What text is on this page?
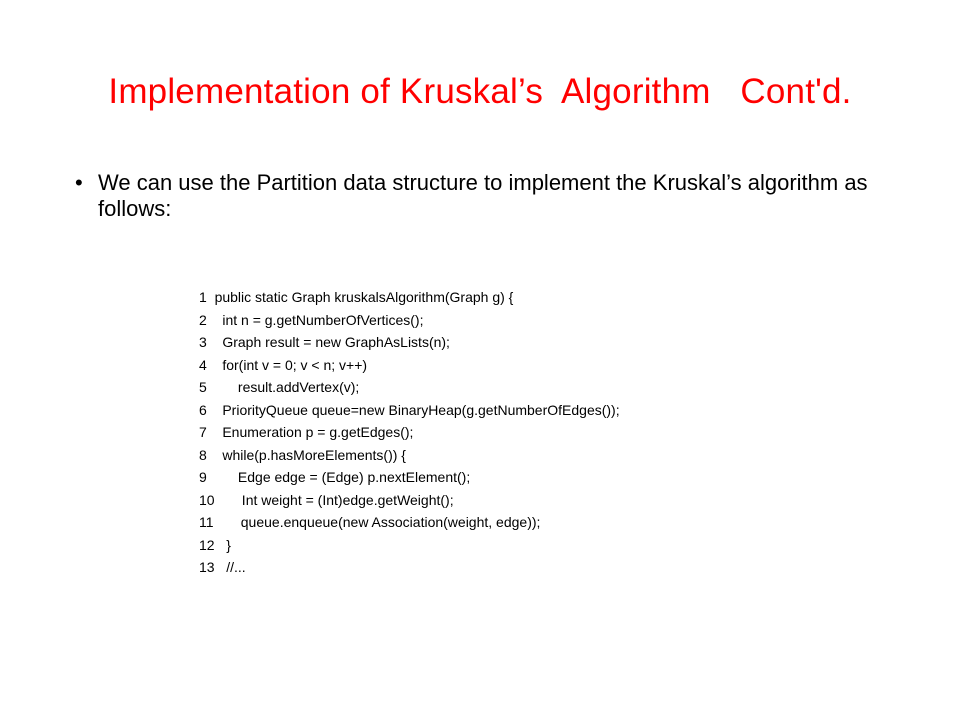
Implementation of Kruskal’s  Algorithm   Cont'd.
• We can use the Partition data structure to implement the Kruskal’s algorithm as follows:
1  public static Graph kruskalsAlgorithm(Graph g) {
2    int n = g.getNumberOfVertices();
3    Graph result = new GraphAsLists(n);
4    for(int v = 0; v < n; v++)
5        result.addVertex(v);
6    PriorityQueue queue=new BinaryHeap(g.getNumberOfEdges());
7    Enumeration p = g.getEdges();
8    while(p.hasMoreElements()) {
9        Edge edge = (Edge) p.nextElement();
10       Int weight = (Int)edge.getWeight();
11       queue.enqueue(new Association(weight, edge));
12   }
13   //...
